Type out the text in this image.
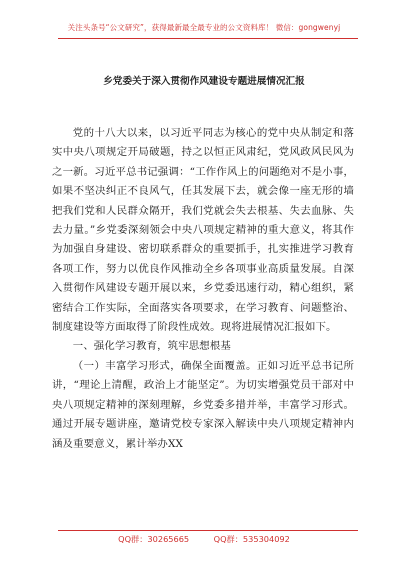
关注头条号“公文研究”，获得最新最全最专业的公文资料库！ 微信：gongwenyj
乡党委关于深入贯彻作风建设专题进展情况汇报

党的十八大以来，以习近平同志为核心的党中央从制定和落实中央八项规定开局破题，持之以恒正风肃纪，党风政风民风为之一新。习近平总书记强调：“工作作风上的问题绝对不是小事，如果不坚决纠正不良风气，任其发展下去，就会像一座无形的墙把我们党和人民群众隔开，我们党就会失去根基、失去血脉、失去力量。”乡党委深刻领会中央八项规定精神的重大意义，将其作为加强自身建设、密切联系群众的重要抓手，扎实推进学习教育各项工作，努力以优良作风推动全乡各项事业高质量发展。自深入贯彻作风建设专题开展以来，乡党委迅速行动，精心组织，紧密结合工作实际，全面落实各项要求，在学习教育、问题整治、制度建设等方面取得了阶段性成效。现将进展情况汇报如下。

一、强化学习教育，筑牢思想根基

（一）丰富学习形式，确保全面覆盖。正如习近平总书记所讲，“理论上清醒，政治上才能坚定”。为切实增强党员干部对中央八项规定精神的深刻理解，乡党委多措并举，丰富学习形式。通过开展专题讲座，邀请党校专家深入解读中央八项规定精神内涵及重要意义，累计举办XX

QQ群：30265665　　　QQ群：535304092
